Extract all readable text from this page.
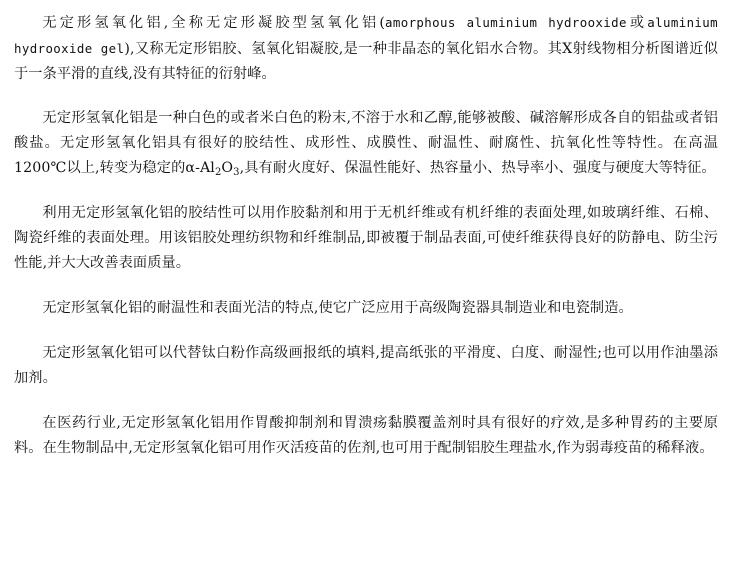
无定形氢氧化铝,全称无定形凝胶型氢氧化铝(amorphous aluminium hydrooxide或aluminium hydrooxide gel),又称无定形铝胶、氢氧化铝凝胶,是一种非晶态的氧化铝水合物。其X射线物相分析图谱近似于一条平滑的直线,没有其特征的衍射峰。

无定形氢氧化铝是一种白色的或者米白色的粉末,不溶于水和乙醇,能够被酸、碱溶解形成各自的铝盐或者铝酸盐。无定形氢氧化铝具有很好的胶结性、成形性、成膜性、耐温性、耐腐性、抗氧化性等特性。在高温1200℃以上,转变为稳定的$\alpha-Al_2O_3$,具有耐火度好、保温性能好、热容量小、热导率小、强度与硬度大等特征。

利用无定形氢氧化铝的胶结性可以用作胶黏剂和用于无机纤维或有机纤维的表面处理,如玻璃纤维、石棉、陶瓷纤维的表面处理。用该铝胶处理纺织物和纤维制品,即被覆于制品表面,可使纤维获得良好的防静电、防尘污性能,并大大改善表面质量。

无定形氢氧化铝的耐温性和表面光洁的特点,使它广泛应用于高级陶瓷器具制造业和电瓷制造。

无定形氢氧化铝可以代替钛白粉作高级画报纸的填料,提高纸张的平滑度、白度、耐湿性;也可以用作油墨添加剂。

在医药行业,无定形氢氧化铝用作胃酸抑制剂和胃溃疡黏膜覆盖剂时具有很好的疗效,是多种胃药的主要原料。在生物制品中,无定形氢氧化铝可用作灭活疫苗的佐剂,也可用于配制铝胶生理盐水,作为弱毒疫苗的稀释液。
